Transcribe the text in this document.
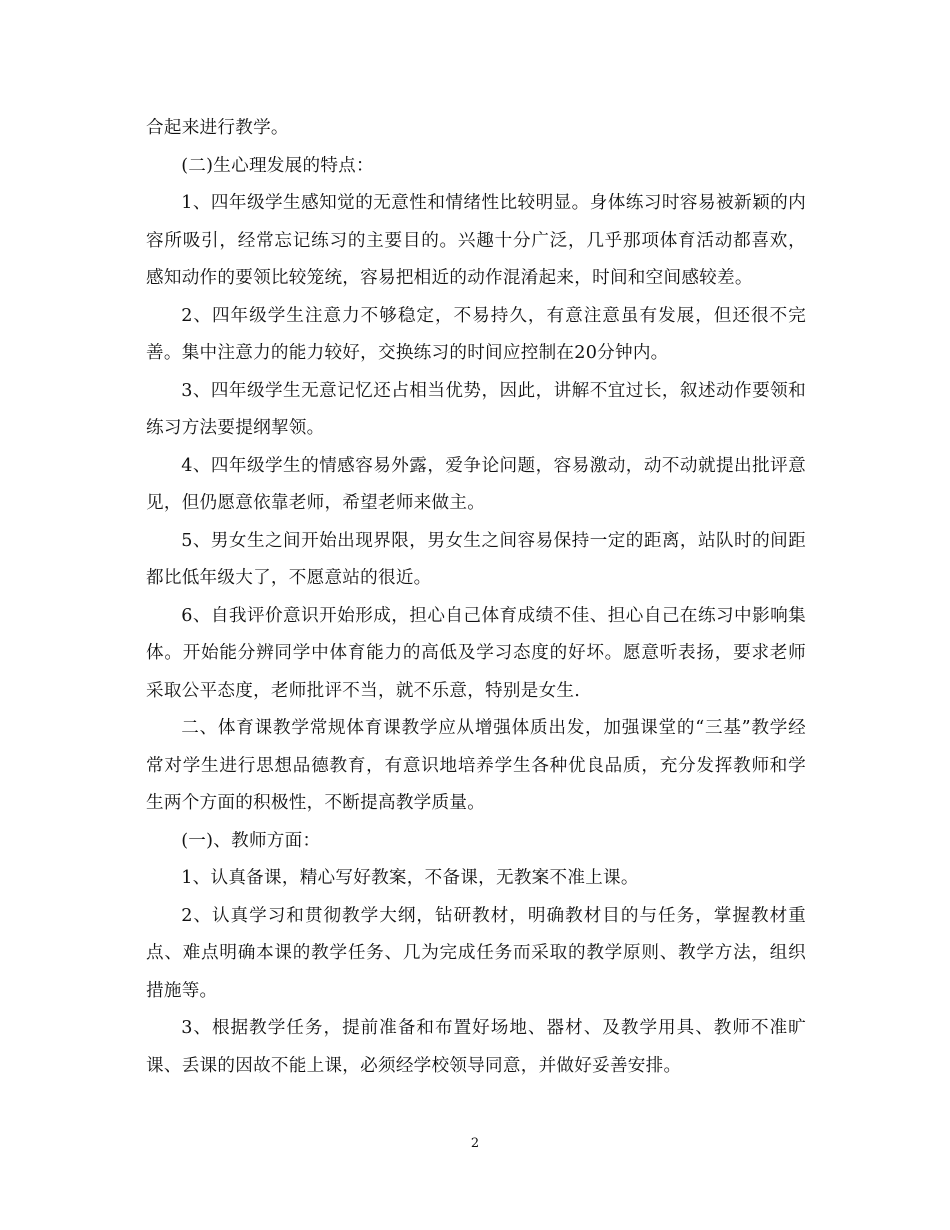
合起来进行教学。

(二)生心理发展的特点：

1、四年级学生感知觉的无意性和情绪性比较明显。身体练习时容易被新颖的内容所吸引，经常忘记练习的主要目的。兴趣十分广泛，几乎那项体育活动都喜欢，感知动作的要领比较笼统，容易把相近的动作混淆起来，时间和空间感较差。

2、四年级学生注意力不够稳定，不易持久，有意注意虽有发展，但还很不完善。集中注意力的能力较好，交换练习的时间应控制在20分钟内。

3、四年级学生无意记忆还占相当优势，因此，讲解不宜过长，叙述动作要领和练习方法要提纲挈领。

4、四年级学生的情感容易外露，爱争论问题，容易激动，动不动就提出批评意见，但仍愿意依靠老师，希望老师来做主。

5、男女生之间开始出现界限，男女生之间容易保持一定的距离，站队时的间距都比低年级大了，不愿意站的很近。

6、自我评价意识开始形成，担心自己体育成绩不佳、担心自己在练习中影响集体。开始能分辨同学中体育能力的高低及学习态度的好坏。愿意听表扬，要求老师采取公平态度，老师批评不当，就不乐意，特别是女生.

二、体育课教学常规体育课教学应从增强体质出发，加强课堂的“三基”教学经常对学生进行思想品德教育，有意识地培养学生各种优良品质，充分发挥教师和学生两个方面的积极性，不断提高教学质量。

(一)、教师方面：

1、认真备课，精心写好教案，不备课，无教案不准上课。

2、认真学习和贯彻教学大纲，钻研教材，明确教材目的与任务，掌握教材重点、难点明确本课的教学任务、几为完成任务而采取的教学原则、教学方法，组织措施等。

3、根据教学任务，提前准备和布置好场地、器材、及教学用具、教师不准旷课、丢课的因故不能上课，必须经学校领导同意，并做好妥善安排。

2
